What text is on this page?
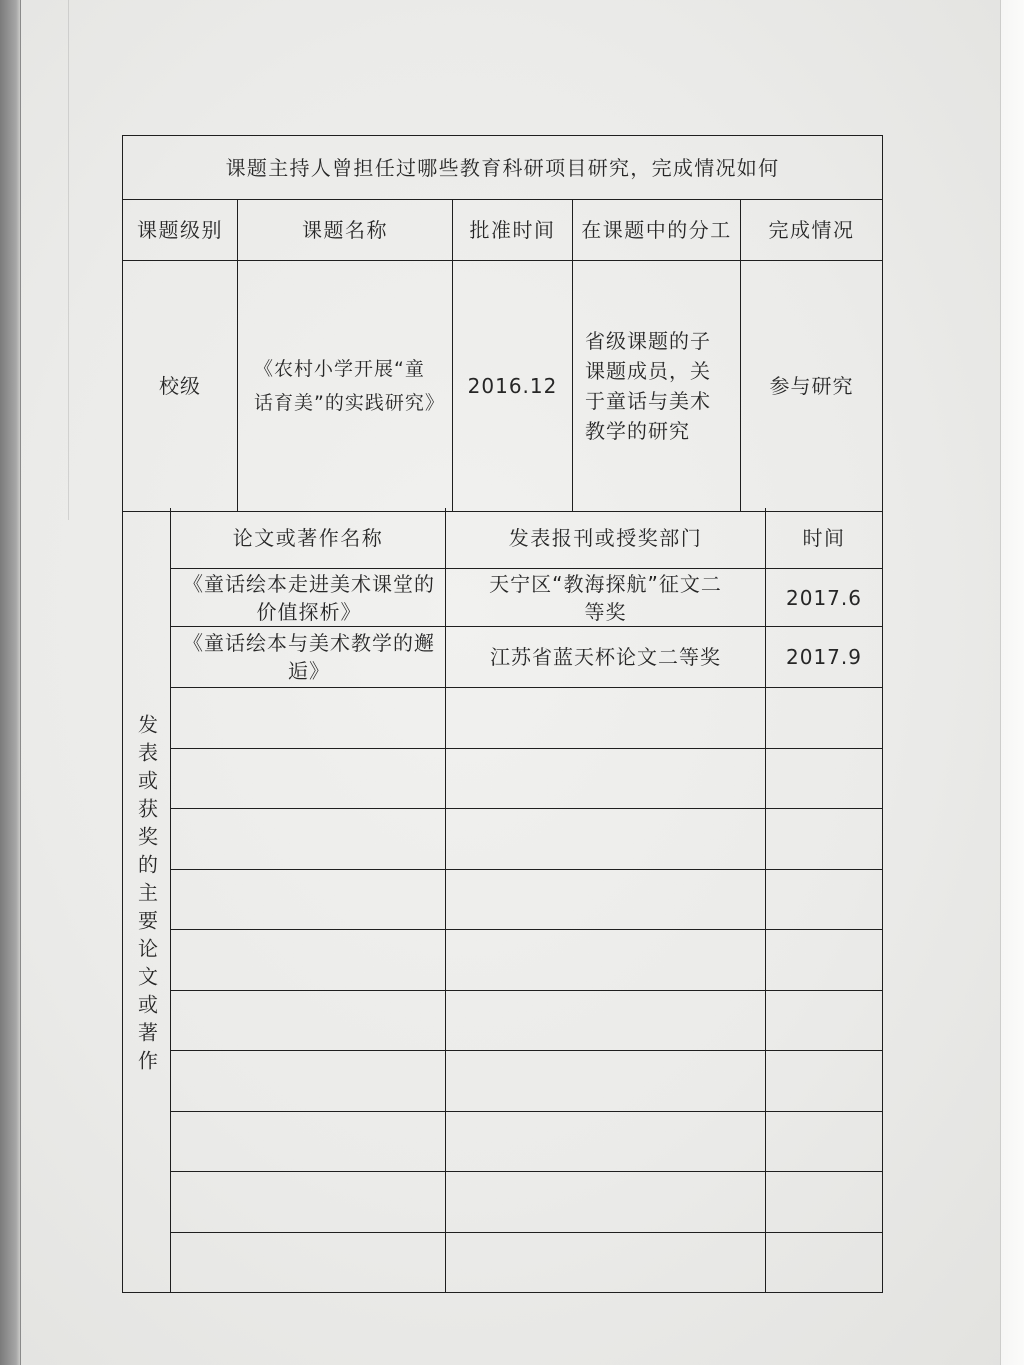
课题主持人曾担任过哪些教育科研项目研究，完成情况如何				
课题级别	课题名称	批准时间	在课题中的分工	完成情况
校级	《农村小学开展“童话育美”的实践研究》	2016.12	省级课题的子课题成员，关于童话与美术教学的研究	参与研究
发表或获奖的主要论文或著作	论文或著作名称	发表报刊或授奖部门	时间
	《童话绘本走进美术课堂的价值探析》	天宁区“教海探航”征文二等奖	2017.6
	《童话绘本与美术教学的邂逅》	江苏省蓝天杯论文二等奖	2017.9
